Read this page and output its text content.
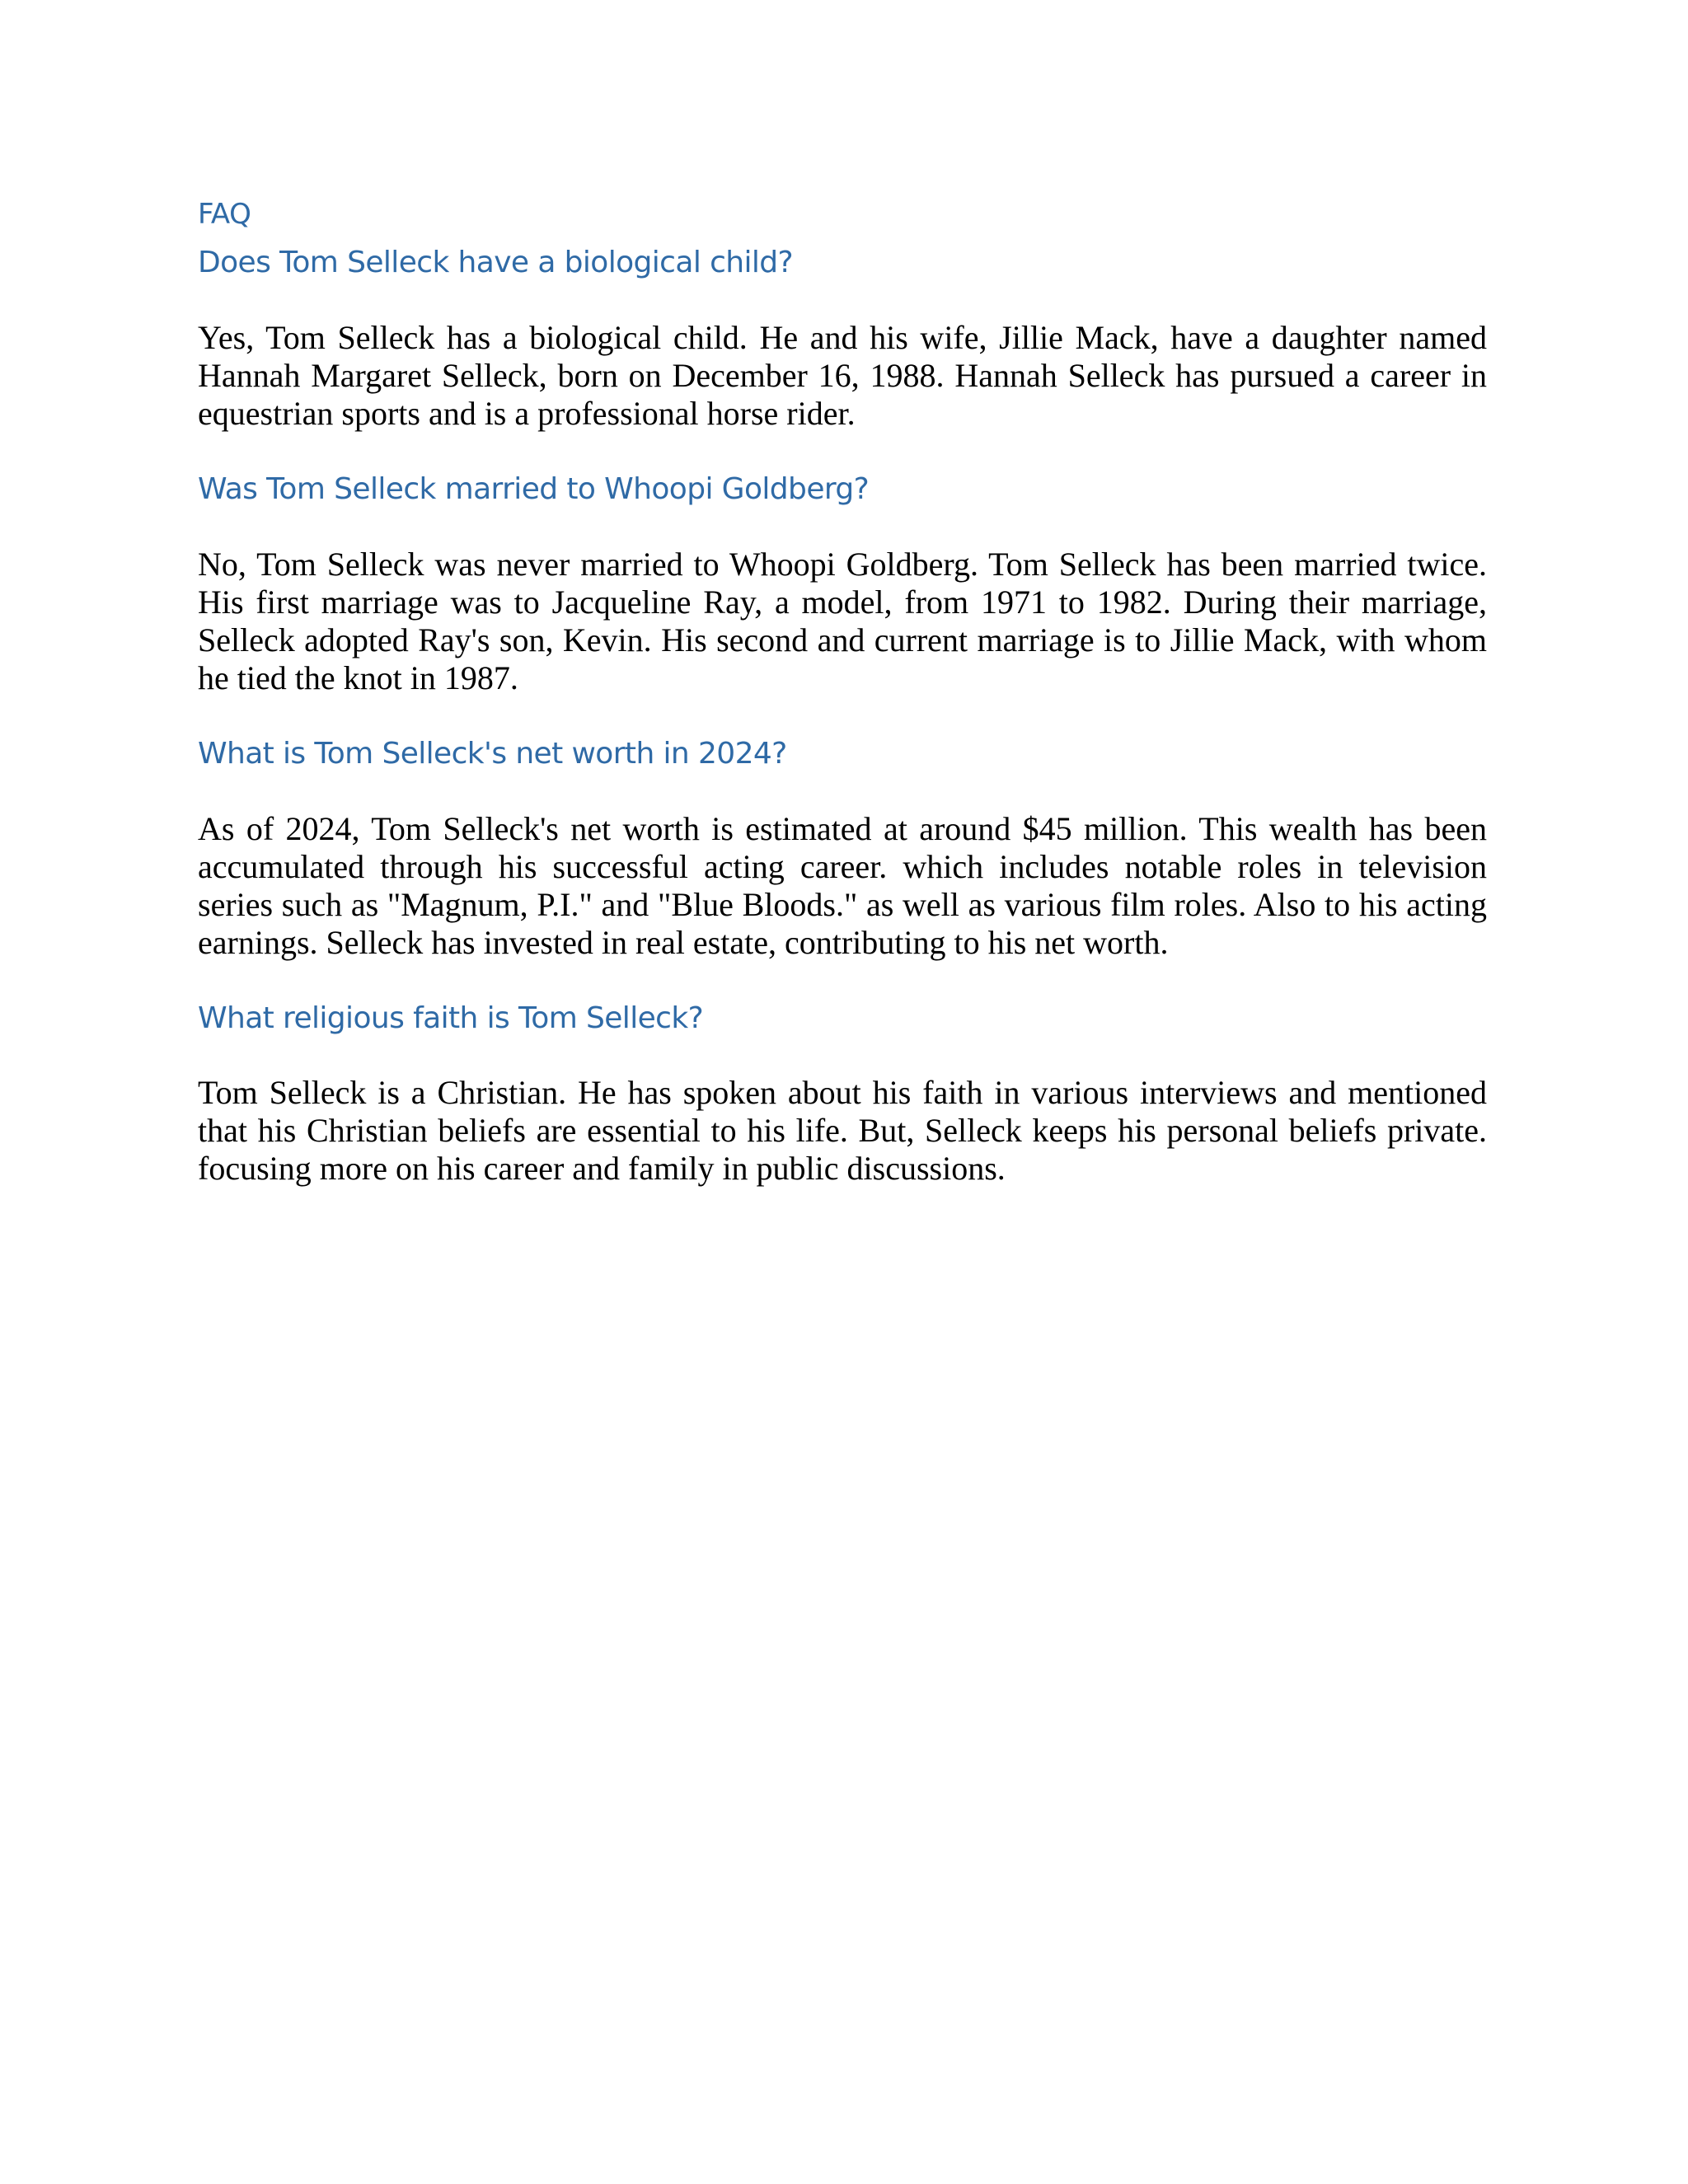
FAQ
Does Tom Selleck have a biological child?

Yes, Tom Selleck has a biological child. He and his wife, Jillie Mack, have a daughter named Hannah Margaret Selleck, born on December 16, 1988. Hannah Selleck has pursued a career in equestrian sports and is a professional horse rider.

Was Tom Selleck married to Whoopi Goldberg?

No, Tom Selleck was never married to Whoopi Goldberg. Tom Selleck has been married twice. His first marriage was to Jacqueline Ray, a model, from 1971 to 1982. During their marriage, Selleck adopted Ray's son, Kevin. His second and current marriage is to Jillie Mack, with whom he tied the knot in 1987.

What is Tom Selleck's net worth in 2024?

As of 2024, Tom Selleck's net worth is estimated at around $45 million. This wealth has been accumulated through his successful acting career. which includes notable roles in television series such as "Magnum, P.I." and "Blue Bloods." as well as various film roles. Also to his acting earnings. Selleck has invested in real estate, contributing to his net worth.

What religious faith is Tom Selleck?

Tom Selleck is a Christian. He has spoken about his faith in various interviews and mentioned that his Christian beliefs are essential to his life. But, Selleck keeps his personal beliefs private. focusing more on his career and family in public discussions.
